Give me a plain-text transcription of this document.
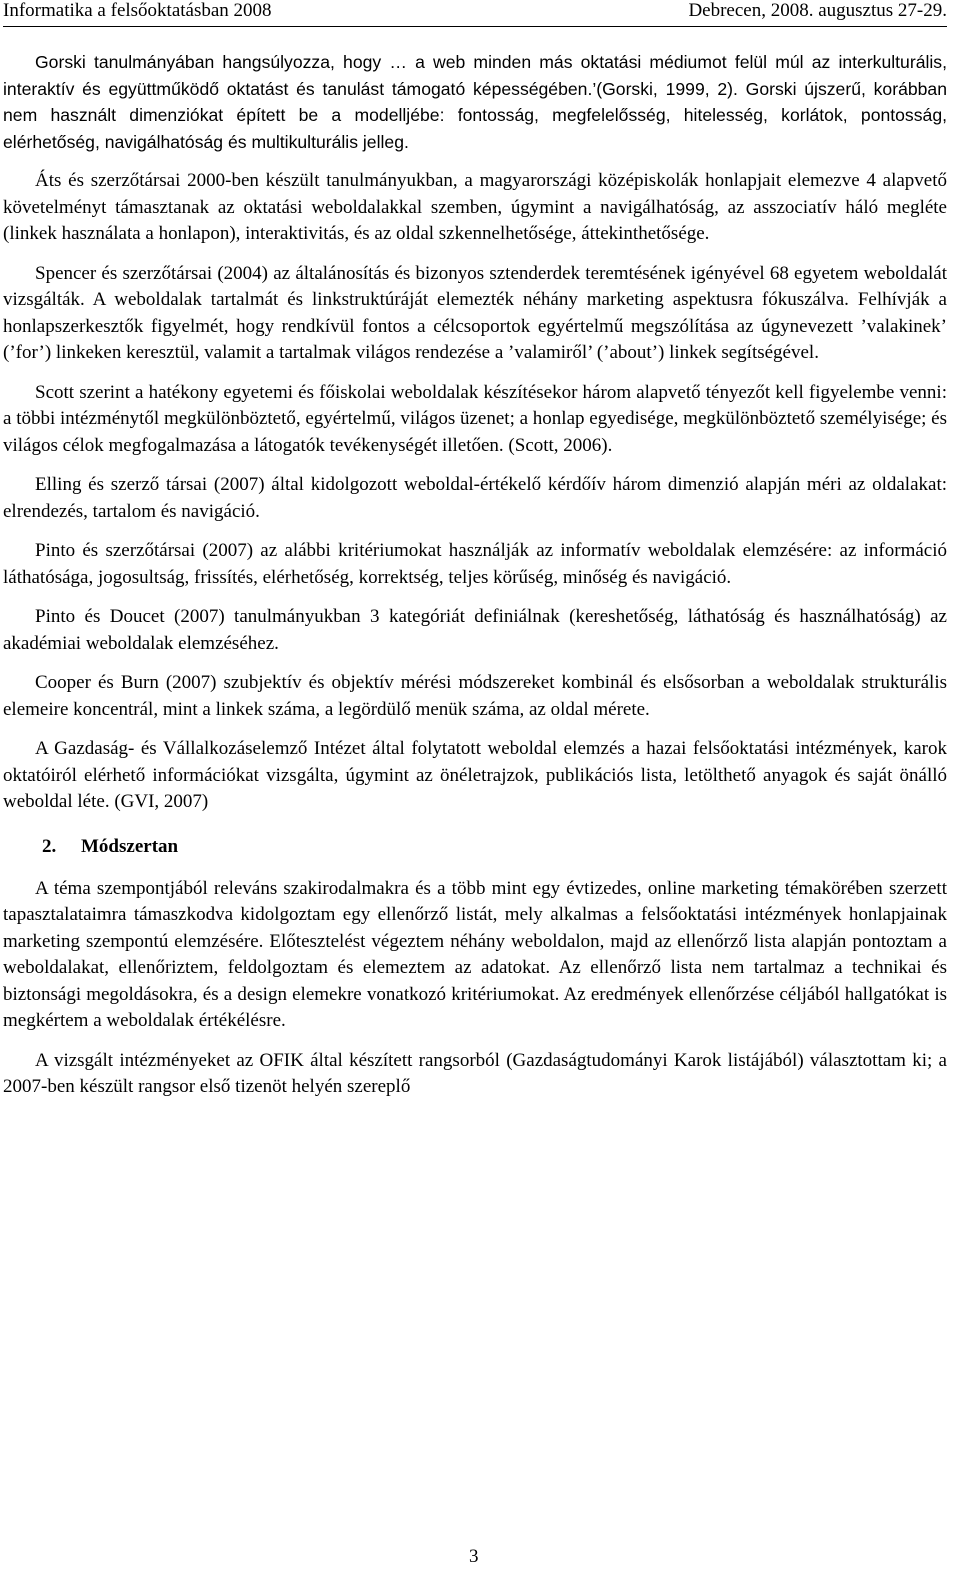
Informatika a felsőoktatásban 2008	Debrecen, 2008. augusztus 27-29.

Gorski tanulmányában hangsúlyozza, hogy … a web minden más oktatási médiumot felül múl az interkulturális, interaktív és együttműködő oktatást és tanulást támogató képességében.’(Gorski, 1999, 2). Gorski újszerű, korábban nem használt dimenziókat épített be a modelljébe: fontosság, megfelelősség, hitelesség, korlátok, pontosság, elérhetőség, navigálhatóság és multikulturális jelleg.

Áts és szerzőtársai 2000-ben készült tanulmányukban, a magyarországi középiskolák honlapjait elemezve 4 alapvető követelményt támasztanak az oktatási weboldalakkal szemben, úgymint a navigálhatóság, az asszociatív háló megléte (linkek használata a honlapon), interaktivitás, és az oldal szkennelhetősége, áttekinthetősége.

Spencer és szerzőtársai (2004) az általánosítás és bizonyos sztenderdek teremtésének igényével 68 egyetem weboldalát vizsgálták. A weboldalak tartalmát és linkstruktúráját elemezték néhány marketing aspektusra fókuszálva. Felhívják a honlapszerkesztők figyelmét, hogy rendkívül fontos a célcsoportok egyértelmű megszólítása az úgynevezett ’valakinek’ (’for’) linkeken keresztül, valamit a tartalmak világos rendezése a ’valamiről’ (’about’) linkek segítségével.

Scott szerint a hatékony egyetemi és főiskolai weboldalak készítésekor három alapvető tényezőt kell figyelembe venni: a többi intézménytől megkülönböztető, egyértelmű, világos üzenet; a honlap egyedisége, megkülönböztető személyisége; és világos célok megfogalmazása a látogatók tevékenységét illetően. (Scott, 2006).

Elling és szerző társai (2007) által kidolgozott weboldal-értékelő kérdőív három dimenzió alapján méri az oldalakat: elrendezés, tartalom és navigáció.

Pinto és szerzőtársai (2007) az alábbi kritériumokat használják az informatív weboldalak elemzésére: az információ láthatósága, jogosultság, frissítés, elérhetőség, korrektség, teljes körűség, minőség és navigáció.

Pinto és Doucet (2007) tanulmányukban 3 kategóriát definiálnak (kereshetőség, láthatóság és használhatóság) az akadémiai weboldalak elemzéséhez.

Cooper és Burn (2007) szubjektív és objektív mérési módszereket kombinál és elsősorban a weboldalak strukturális elemeire koncentrál, mint a linkek száma, a legördülő menük száma, az oldal mérete.

A Gazdaság- és Vállalkozáselemző Intézet által folytatott weboldal elemzés a hazai felsőoktatási intézmények, karok oktatóiról elérhető információkat vizsgálta, úgymint az önéletrajzok, publikációs lista, letölthető anyagok és saját önálló weboldal léte. (GVI, 2007)

2. Módszertan

A téma szempontjából releváns szakirodalmakra és a több mint egy évtizedes, online marketing témakörében szerzett tapasztalataimra támaszkodva kidolgoztam egy ellenőrző listát, mely alkalmas a felsőoktatási intézmények honlapjainak marketing szempontú elemzésére. Előtesztelést végeztem néhány weboldalon, majd az ellenőrző lista alapján pontoztam a weboldalakat, ellenőriztem, feldolgoztam és elemeztem az adatokat. Az ellenőrző lista nem tartalmaz a technikai és biztonsági megoldásokra, és a design elemekre vonatkozó kritériumokat. Az eredmények ellenőrzése céljából hallgatókat is megkértem a weboldalak értékélésre.

A vizsgált intézményeket az OFIK által készített rangsorból (Gazdaságtudományi Karok listájából) választottam ki; a 2007-ben készült rangsor első tizenöt helyén szereplő

3
